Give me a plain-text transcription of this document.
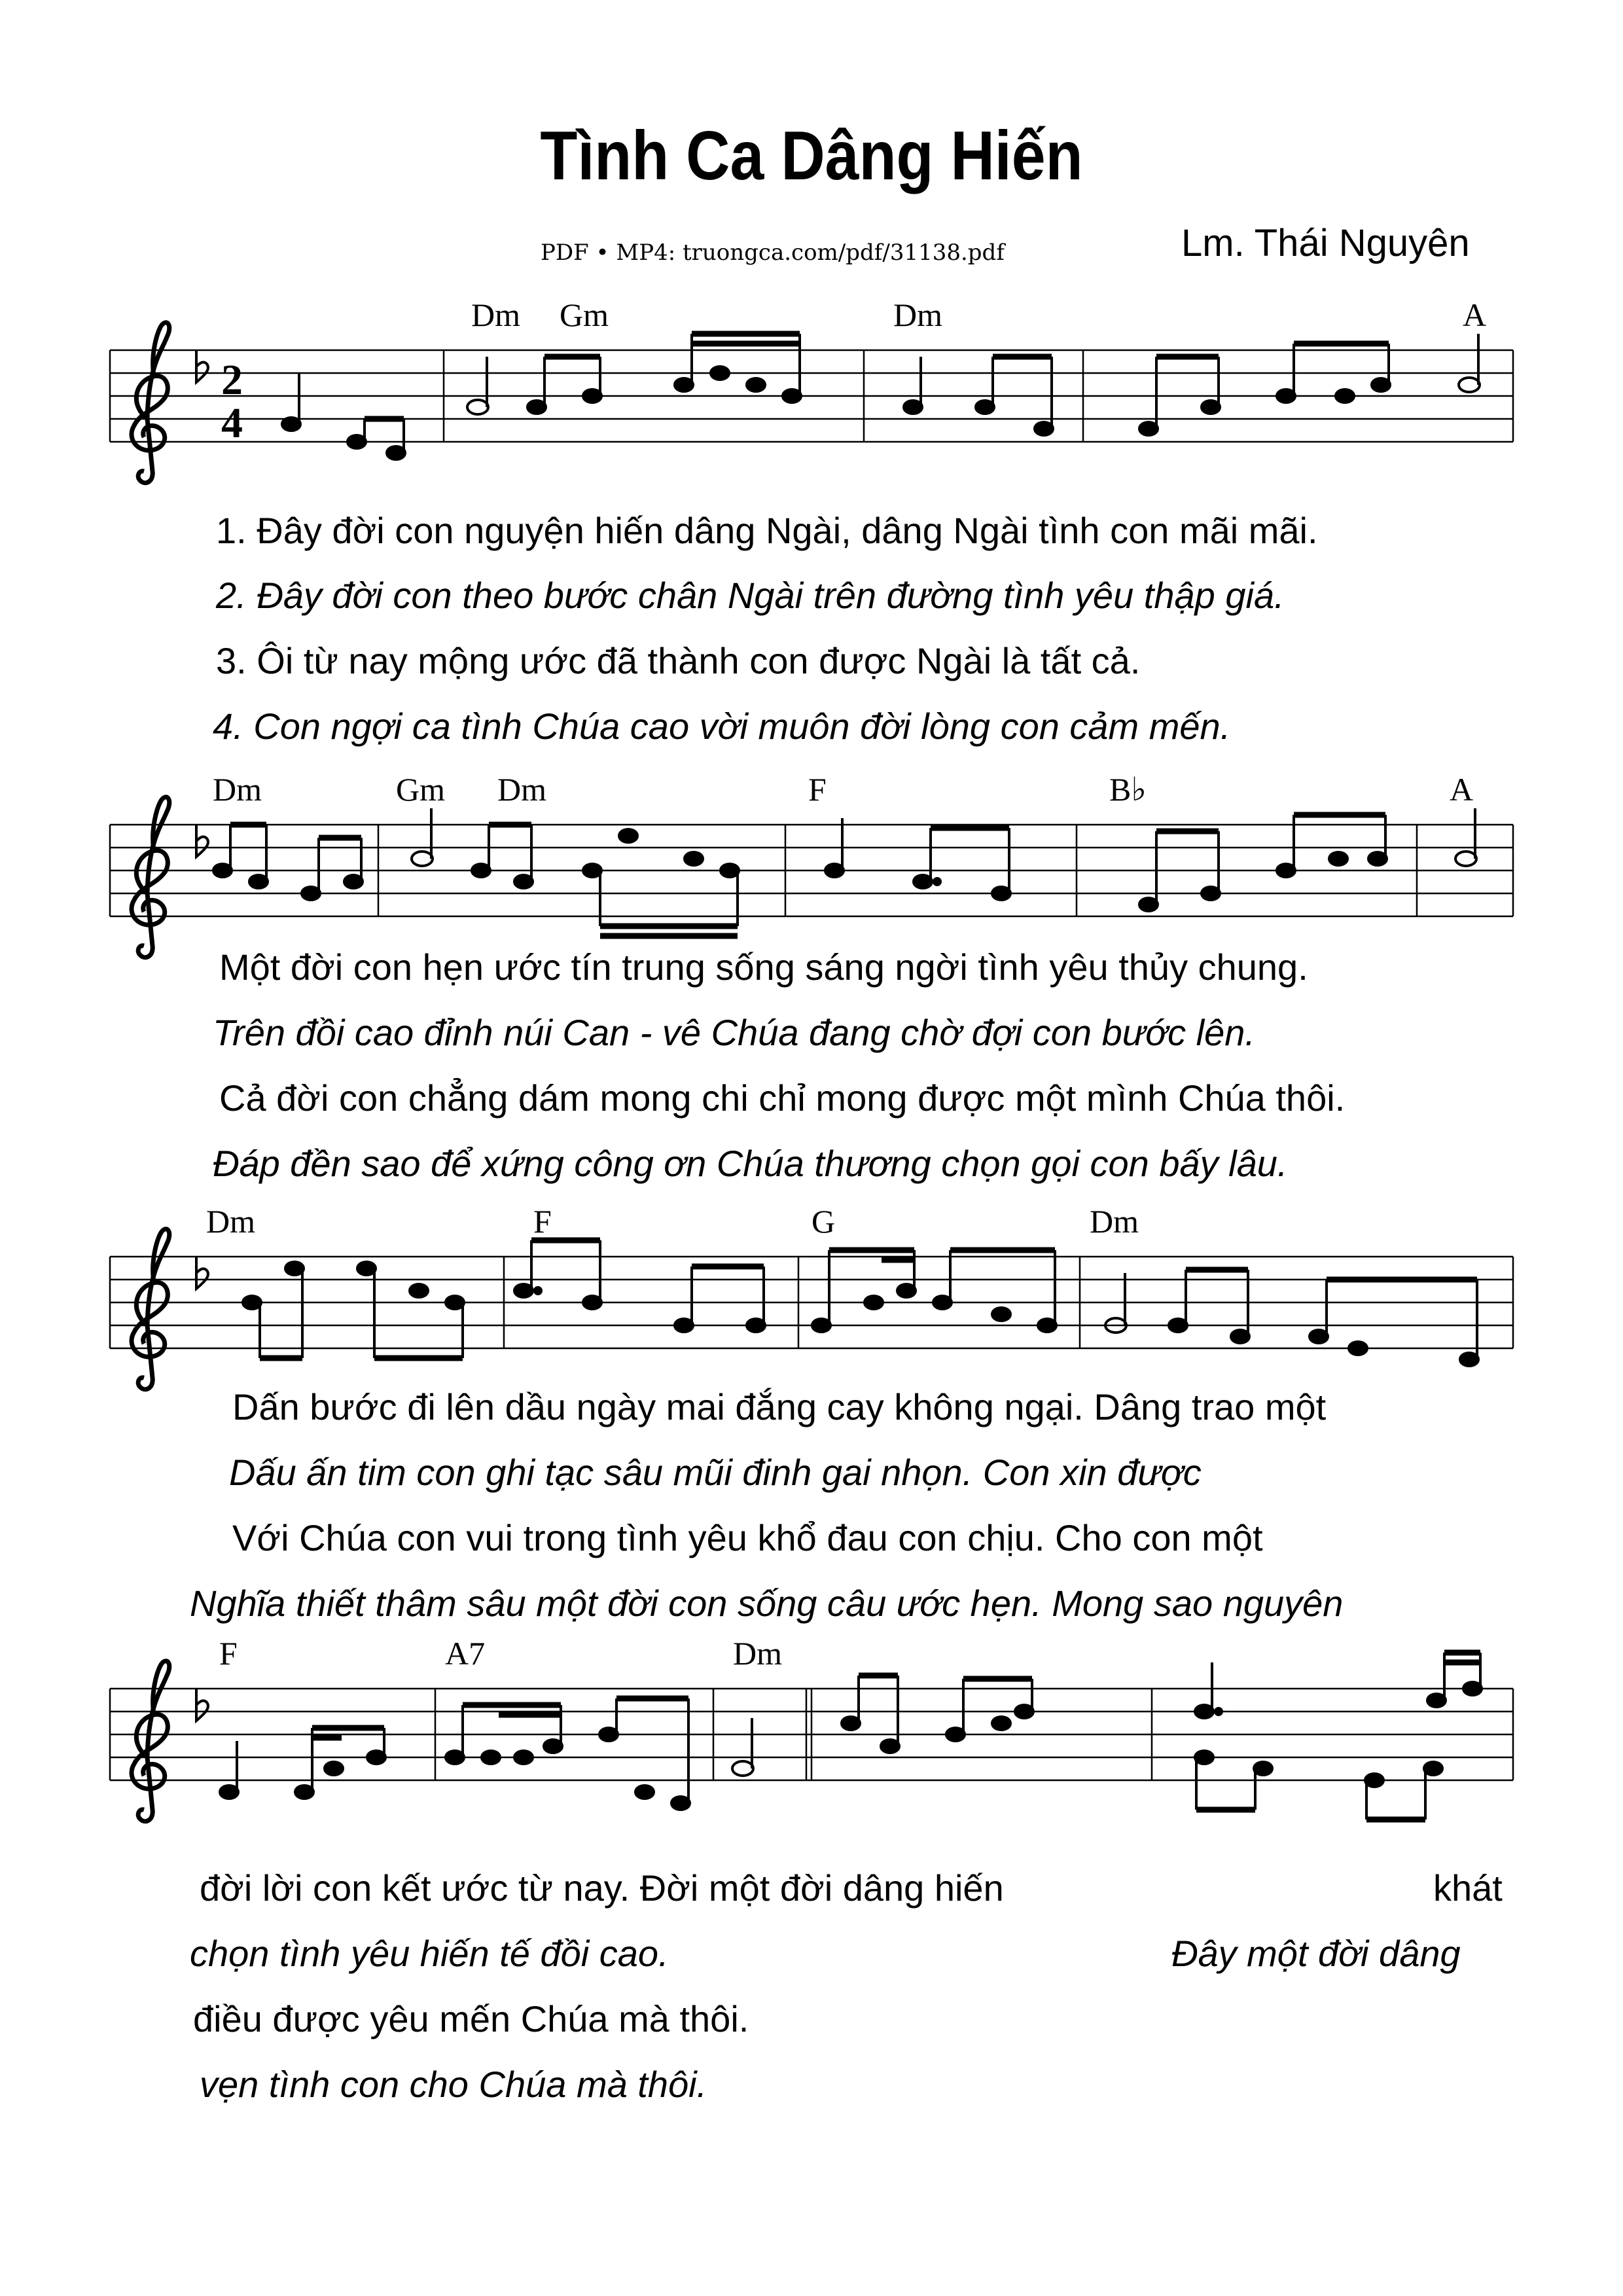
Tình Ca Dâng Hiến
PDF • MP4: truongca.com/pdf/31138.pdf	Lm. Thái Nguyên
2
4
Dm Gm	Dm	A
Dm	Gm Dm	F	B♭	A
Dm	F	G	Dm
F	A7	Dm
1. Đây đời con nguyện hiến dâng Ngài, dâng Ngài tình con mãi mãi.
2. Đây đời con theo bước chân Ngài trên đường tình yêu thập giá.
3. Ôi từ nay mộng ước đã thành con được Ngài là tất cả.
4. Con ngợi ca tình Chúa cao vời muôn đời lòng con cảm mến.
Một đời con hẹn ước tín trung sống sáng ngời tình yêu thủy chung.
Trên đồi cao đỉnh núi Can - vê Chúa đang chờ đợi con bước lên.
Cả đời con chẳng dám mong chi chỉ mong được một mình Chúa thôi.
Đáp đền sao để xứng công ơn Chúa thương chọn gọi con bấy lâu.
Dấn bước đi lên dầu ngày mai đắng cay không ngại. Dâng trao một
Dấu ấn tim con ghi tạc sâu mũi đinh gai nhọn. Con xin được
Với Chúa con vui trong tình yêu khổ đau con chịu. Cho con một
Nghĩa thiết thâm sâu một đời con sống câu ước hẹn. Mong sao nguyên
đời lời con kết ước từ nay. Đời một đời dâng hiến	khát
chọn tình yêu hiến tế đồi cao.	Đây một đời dâng
điều được yêu mến Chúa mà thôi.
vẹn tình con cho Chúa mà thôi.
